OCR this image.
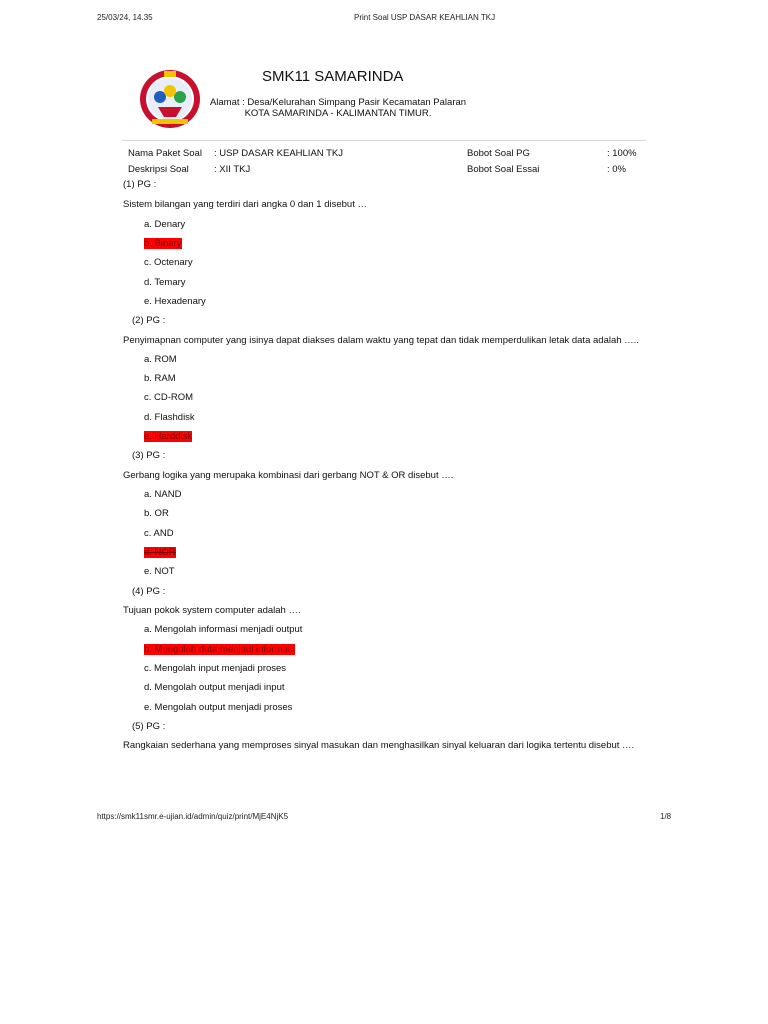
25/03/24, 14.35	Print Soal USP DASAR KEAHLIAN TKJ
SMK11 SAMARINDA
Alamat : Desa/Kelurahan Simpang Pasir Kecamatan Palaran
KOTA SAMARINDA - KALIMANTAN TIMUR.
Nama Paket Soal : USP DASAR KEAHLIAN TKJ	Bobot Soal PG	: 100%
Deskripsi Soal	: XII TKJ	Bobot Soal Essai	: 0%
(1) PG :
Sistem bilangan yang terdiri dari angka 0 dan 1 disebut …
a. Denary
b. Binary
c. Octenary
d. Temary
e. Hexadenary
(2) PG :
Penyimapnan computer yang isinya dapat diakses dalam waktu yang tepat dan tidak memperdulikan letak data adalah …..
a. ROM
b. RAM
c. CD-ROM
d. Flashdisk
e. Harddisk
(3) PG :
Gerbang logika yang merupaka kombinasi dari gerbang NOT & OR disebut ….
a. NAND
b. OR
c. AND
d. NOR
e. NOT
(4) PG :
Tujuan pokok system computer adalah ….
a. Mengolah informasi menjadi output
b. Mengolah data menjadi informasi
c. Mengolah input menjadi proses
d. Mengolah output menjadi input
e. Mengolah output menjadi proses
(5) PG :
Rangkaian sederhana yang memproses sinyal masukan dan menghasilkan sinyal keluaran dari logika tertentu disebut ….
https://smk11smr.e-ujian.id/admin/quiz/print/MjE4NjK5	1/8
